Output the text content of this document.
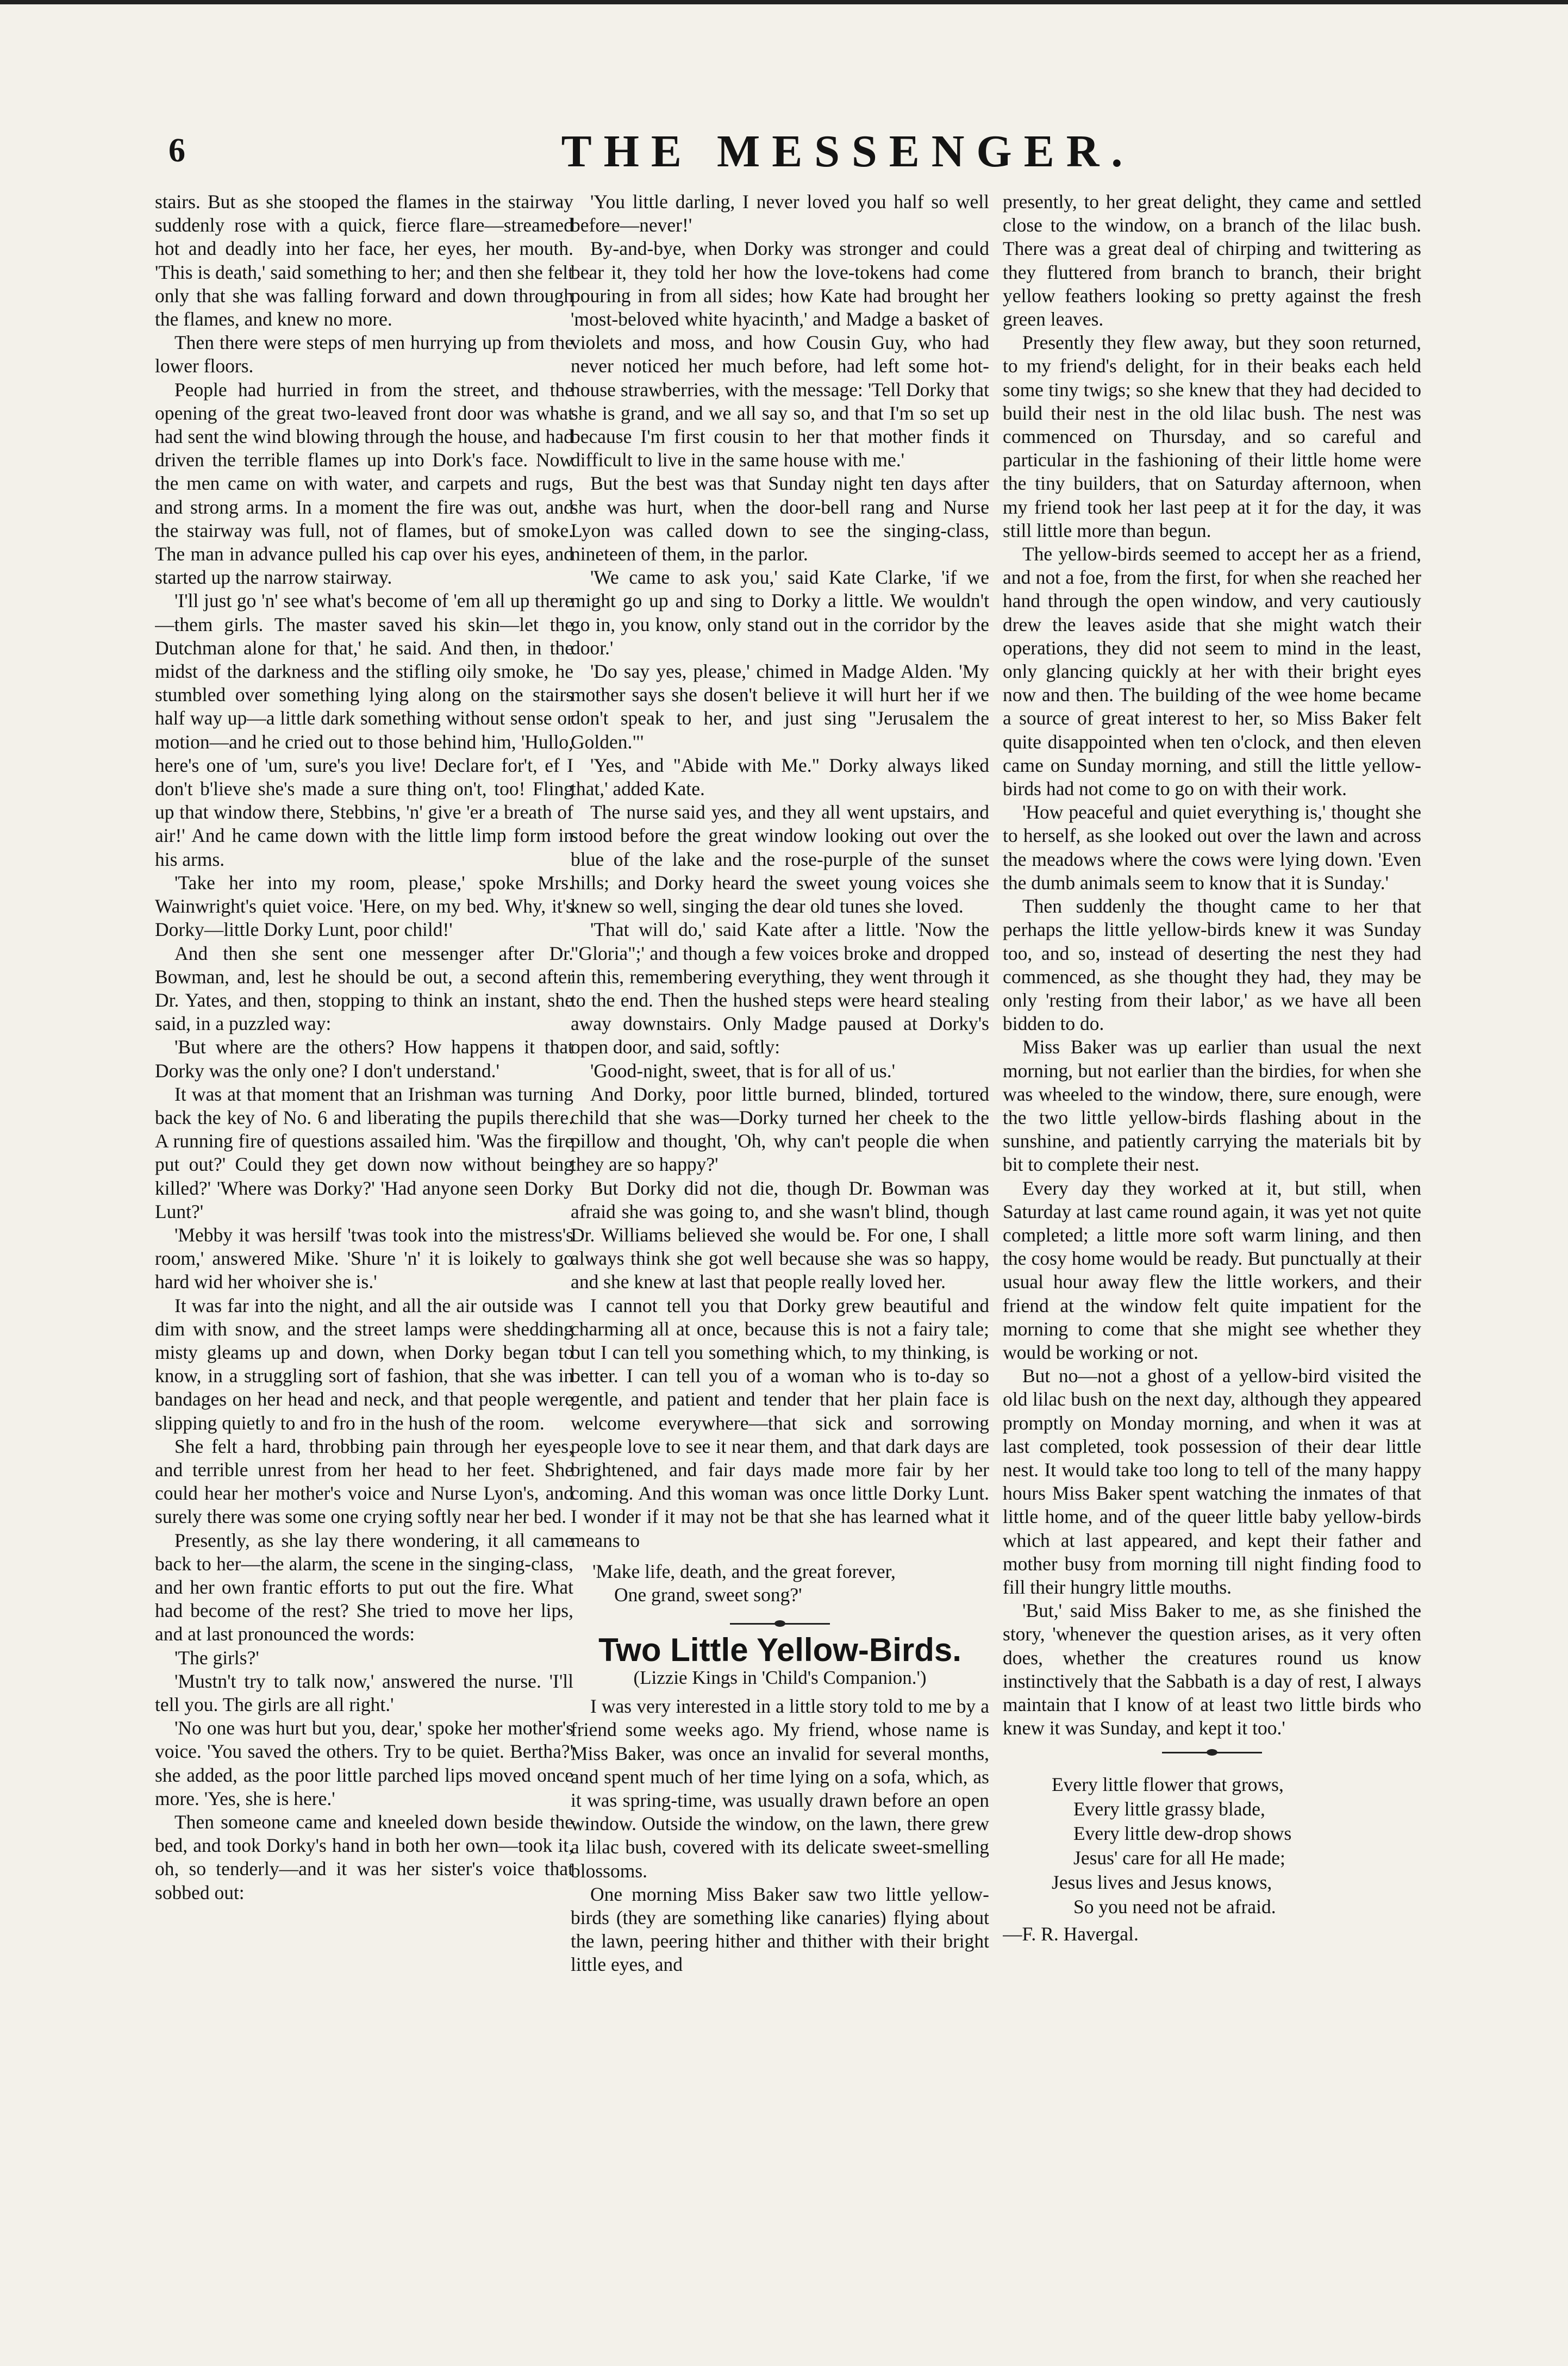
6	THE MESSENGER.

stairs. But as she stooped the flames in the stairway suddenly rose with a quick, fierce flare—streamed hot and deadly into her face, her eyes, her mouth. 'This is death,' said something to her; and then she felt only that she was falling forward and down through the flames, and knew no more.

Then there were steps of men hurrying up from the lower floors.

People had hurried in from the street, and the opening of the great two-leaved front door was what had sent the wind blowing through the house, and had driven the terrible flames up into Dork's face. Now the men came on with water, and carpets and rugs, and strong arms. In a moment the fire was out, and the stairway was full, not of flames, but of smoke. The man in advance pulled his cap over his eyes, and started up the narrow stairway.

'I'll just go 'n' see what's become of 'em all up there—them girls. The master saved his skin—let the Dutchman alone for that,' he said. And then, in the midst of the darkness and the stifling oily smoke, he stumbled over something lying along on the stairs half way up—a little dark something without sense or motion—and he cried out to those behind him, 'Hullo, here's one of 'um, sure's you live! Declare for't, ef I don't b'lieve she's made a sure thing on't, too! Fling up that window there, Stebbins, 'n' give 'er a breath of air!' And he came down with the little limp form in his arms.

'Take her into my room, please,' spoke Mrs. Wainwright's quiet voice. 'Here, on my bed. Why, it's Dorky—little Dorky Lunt, poor child!'

And then she sent one messenger after Dr. Bowman, and, lest he should be out, a second after Dr. Yates, and then, stopping to think an instant, she said, in a puzzled way:

'But where are the others? How happens it that Dorky was the only one? I don't understand.'

It was at that moment that an Irishman was turning back the key of No. 6 and liberating the pupils there. A running fire of questions assailed him. 'Was the fire put out?' Could they get down now without being killed?' 'Where was Dorky?' 'Had anyone seen Dorky Lunt?'

'Mebby it was hersilf 'twas took into the mistress's room,' answered Mike. 'Shure 'n' it is loikely to go hard wid her whoiver she is.'

It was far into the night, and all the air outside was dim with snow, and the street lamps were shedding misty gleams up and down, when Dorky began to know, in a struggling sort of fashion, that she was in bandages on her head and neck, and that people were slipping quietly to and fro in the hush of the room.

She felt a hard, throbbing pain through her eyes, and terrible unrest from her head to her feet. She could hear her mother's voice and Nurse Lyon's, and surely there was some one crying softly near her bed.

Presently, as she lay there wondering, it all came back to her—the alarm, the scene in the singing-class, and her own frantic efforts to put out the fire. What had become of the rest? She tried to move her lips, and at last pronounced the words:

'The girls?'

'Mustn't try to talk now,' answered the nurse. 'I'll tell you. The girls are all right.'

'No one was hurt but you, dear,' spoke her mother's voice. 'You saved the others. Try to be quiet. Bertha?' she added, as the poor little parched lips moved once more. 'Yes, she is here.'

Then someone came and kneeled down beside the bed, and took Dorky's hand in both her own—took it, oh, so tenderly—and it was her sister's voice that sobbed out:

'You little darling, I never loved you half so well before—never!'

By-and-bye, when Dorky was stronger and could bear it, they told her how the love-tokens had come pouring in from all sides; how Kate had brought her 'most-beloved white hyacinth,' and Madge a basket of violets and moss, and how Cousin Guy, who had never noticed her much before, had left some hot-house strawberries, with the message: 'Tell Dorky that she is grand, and we all say so, and that I'm so set up because I'm first cousin to her that mother finds it difficult to live in the same house with me.'

But the best was that Sunday night ten days after she was hurt, when the door-bell rang and Nurse Lyon was called down to see the singing-class, nineteen of them, in the parlor.

'We came to ask you,' said Kate Clarke, 'if we might go up and sing to Dorky a little. We wouldn't go in, you know, only stand out in the corridor by the door.'

'Do say yes, please,' chimed in Madge Alden. 'My mother says she dosen't believe it will hurt her if we don't speak to her, and just sing "Jerusalem the Golden."'

'Yes, and "Abide with Me." Dorky always liked that,' added Kate.

The nurse said yes, and they all went upstairs, and stood before the great window looking out over the blue of the lake and the rose-purple of the sunset hills; and Dorky heard the sweet young voices she knew so well, singing the dear old tunes she loved.

'That will do,' said Kate after a little. 'Now the "Gloria";' and though a few voices broke and dropped in this, remembering everything, they went through it to the end. Then the hushed steps were heard stealing away downstairs. Only Madge paused at Dorky's open door, and said, softly:

'Good-night, sweet, that is for all of us.'

And Dorky, poor little burned, blinded, tortured child that she was—Dorky turned her cheek to the pillow and thought, 'Oh, why can't people die when they are so happy?'

But Dorky did not die, though Dr. Bowman was afraid she was going to, and she wasn't blind, though Dr. Williams believed she would be. For one, I shall always think she got well because she was so happy, and she knew at last that people really loved her.

I cannot tell you that Dorky grew beautiful and charming all at once, because this is not a fairy tale; but I can tell you something which, to my thinking, is better. I can tell you of a woman who is to-day so gentle, and patient and tender that her plain face is welcome everywhere—that sick and sorrowing people love to see it near them, and that dark days are brightened, and fair days made more fair by her coming. And this woman was once little Dorky Lunt. I wonder if it may not be that she has learned what it means to

'Make life, death, and the great forever,
One grand, sweet song?'
Two Little Yellow-Birds.
(Lizzie Kings in 'Child's Companion.')

I was very interested in a little story told to me by a friend some weeks ago. My friend, whose name is Miss Baker, was once an invalid for several months, and spent much of her time lying on a sofa, which, as it was spring-time, was usually drawn before an open window. Outside the window, on the lawn, there grew a lilac bush, covered with its delicate sweet-smelling blossoms.

One morning Miss Baker saw two little yellow-birds (they are something like canaries) flying about the lawn, peering hither and thither with their bright little eyes, and

presently, to her great delight, they came and settled close to the window, on a branch of the lilac bush. There was a great deal of chirping and twittering as they fluttered from branch to branch, their bright yellow feathers looking so pretty against the fresh green leaves.

Presently they flew away, but they soon returned, to my friend's delight, for in their beaks each held some tiny twigs; so she knew that they had decided to build their nest in the old lilac bush. The nest was commenced on Thursday, and so careful and particular in the fashioning of their little home were the tiny builders, that on Saturday afternoon, when my friend took her last peep at it for the day, it was still little more than begun.

The yellow-birds seemed to accept her as a friend, and not a foe, from the first, for when she reached her hand through the open window, and very cautiously drew the leaves aside that she might watch their operations, they did not seem to mind in the least, only glancing quickly at her with their bright eyes now and then. The building of the wee home became a source of great interest to her, so Miss Baker felt quite disappointed when ten o'clock, and then eleven came on Sunday morning, and still the little yellow-birds had not come to go on with their work.

'How peaceful and quiet everything is,' thought she to herself, as she looked out over the lawn and across the meadows where the cows were lying down. 'Even the dumb animals seem to know that it is Sunday.'

Then suddenly the thought came to her that perhaps the little yellow-birds knew it was Sunday too, and so, instead of deserting the nest they had commenced, as she thought they had, they may be only 'resting from their labor,' as we have all been bidden to do.

Miss Baker was up earlier than usual the next morning, but not earlier than the birdies, for when she was wheeled to the window, there, sure enough, were the two little yellow-birds flashing about in the sunshine, and patiently carrying the materials bit by bit to complete their nest.

Every day they worked at it, but still, when Saturday at last came round again, it was yet not quite completed; a little more soft warm lining, and then the cosy home would be ready. But punctually at their usual hour away flew the little workers, and their friend at the window felt quite impatient for the morning to come that she might see whether they would be working or not.

But no—not a ghost of a yellow-bird visited the old lilac bush on the next day, although they appeared promptly on Monday morning, and when it was at last completed, took possession of their dear little nest. It would take too long to tell of the many happy hours Miss Baker spent watching the inmates of that little home, and of the queer little baby yellow-birds which at last appeared, and kept their father and mother busy from morning till night finding food to fill their hungry little mouths.

'But,' said Miss Baker to me, as she finished the story, 'whenever the question arises, as it very often does, whether the creatures round us know instinctively that the Sabbath is a day of rest, I always maintain that I know of at least two little birds who knew it was Sunday, and kept it too.'

Every little flower that grows,
Every little grassy blade,
Every little dew-drop shows
Jesus' care for all He made;
Jesus lives and Jesus knows,
So you need not be afraid.
—F. R. Havergal.
